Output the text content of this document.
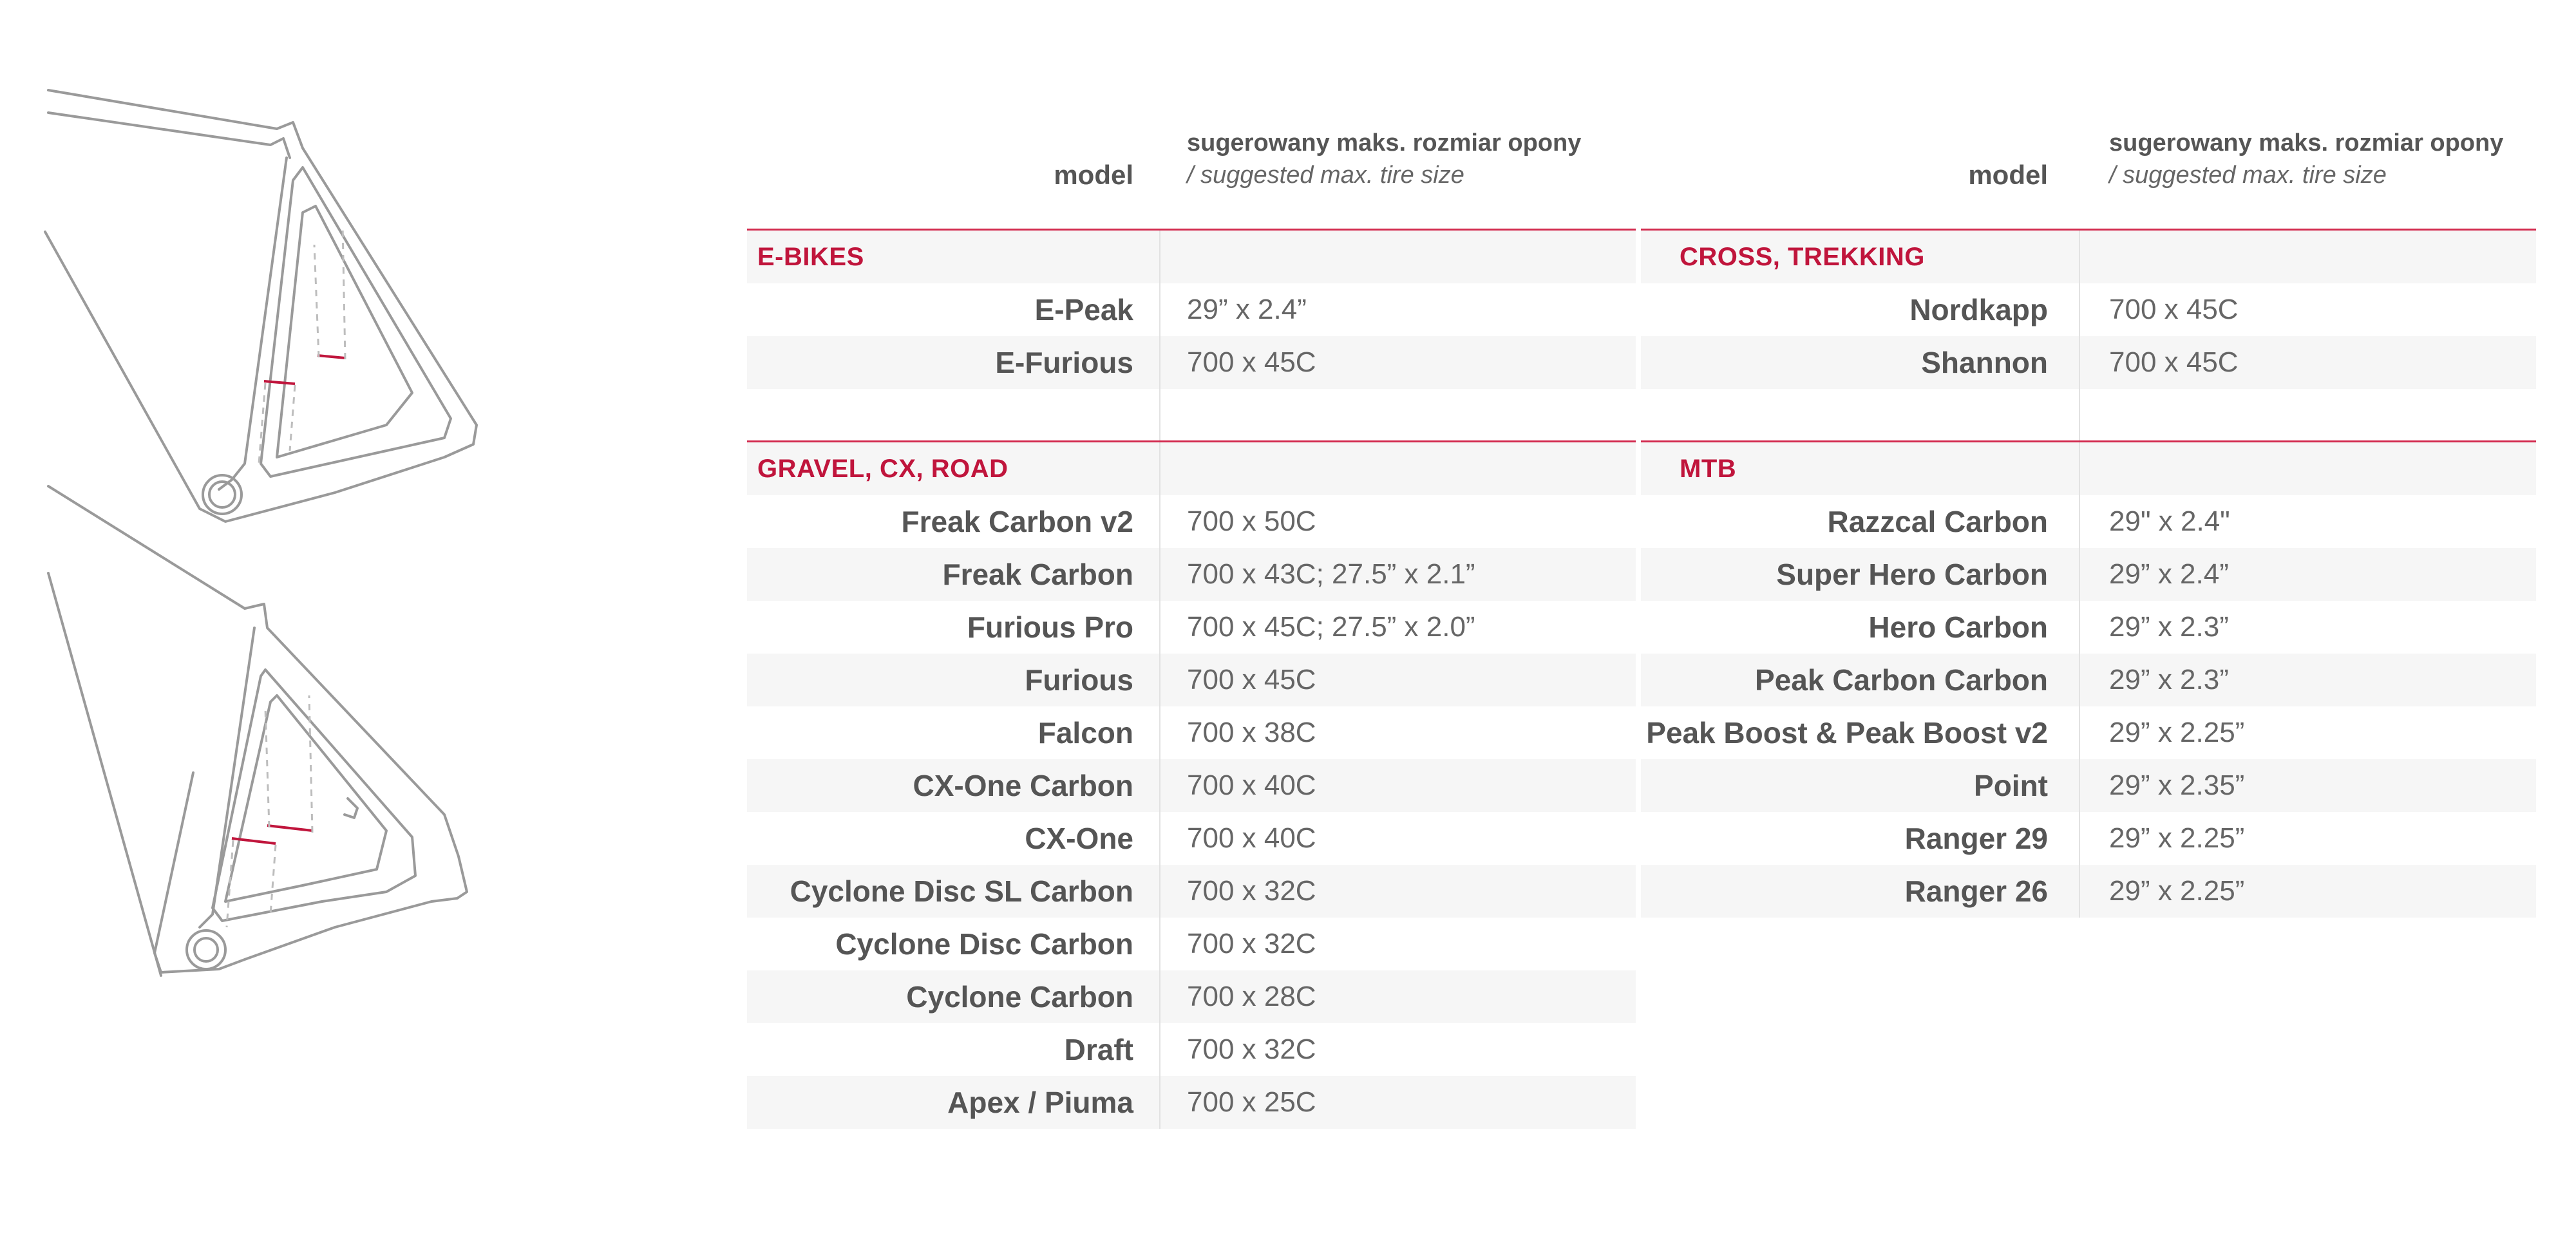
model
sugerowany maks. rozmiar opony
/ suggested max. tire size	model
sugerowany maks. rozmiar opony
/ suggested max. tire size
E-BIKES
E-Peak 29” x 2.4”
E-Furious 700 x 45C
GRAVEL, CX, ROAD
Freak Carbon v2 700 x 50C
Freak Carbon 700 x 43C; 27.5” x 2.1”
Furious Pro 700 x 45C; 27.5” x 2.0”
Furious 700 x 45C
Falcon 700 x 38C
CX-One Carbon 700 x 40C
CX-One 700 x 40C
Cyclone Disc SL Carbon 700 x 32C
Cyclone Disc Carbon 700 x 32C
Cyclone Carbon 700 x 28C
Draft 700 x 32C
Apex / Piuma 700 x 25C
CROSS, TREKKING
Nordkapp 700 x 45C
Shannon 700 x 45C
MTB
Razzcal Carbon 29" x 2.4"
Super Hero Carbon 29” x 2.4”
Hero Carbon 29” x 2.3”
Peak Carbon Carbon 29” x 2.3”
Peak Boost & Peak Boost v2 29” x 2.25”
Point 29” x 2.35”
Ranger 29 29” x 2.25”
Ranger 26 29” x 2.25”
